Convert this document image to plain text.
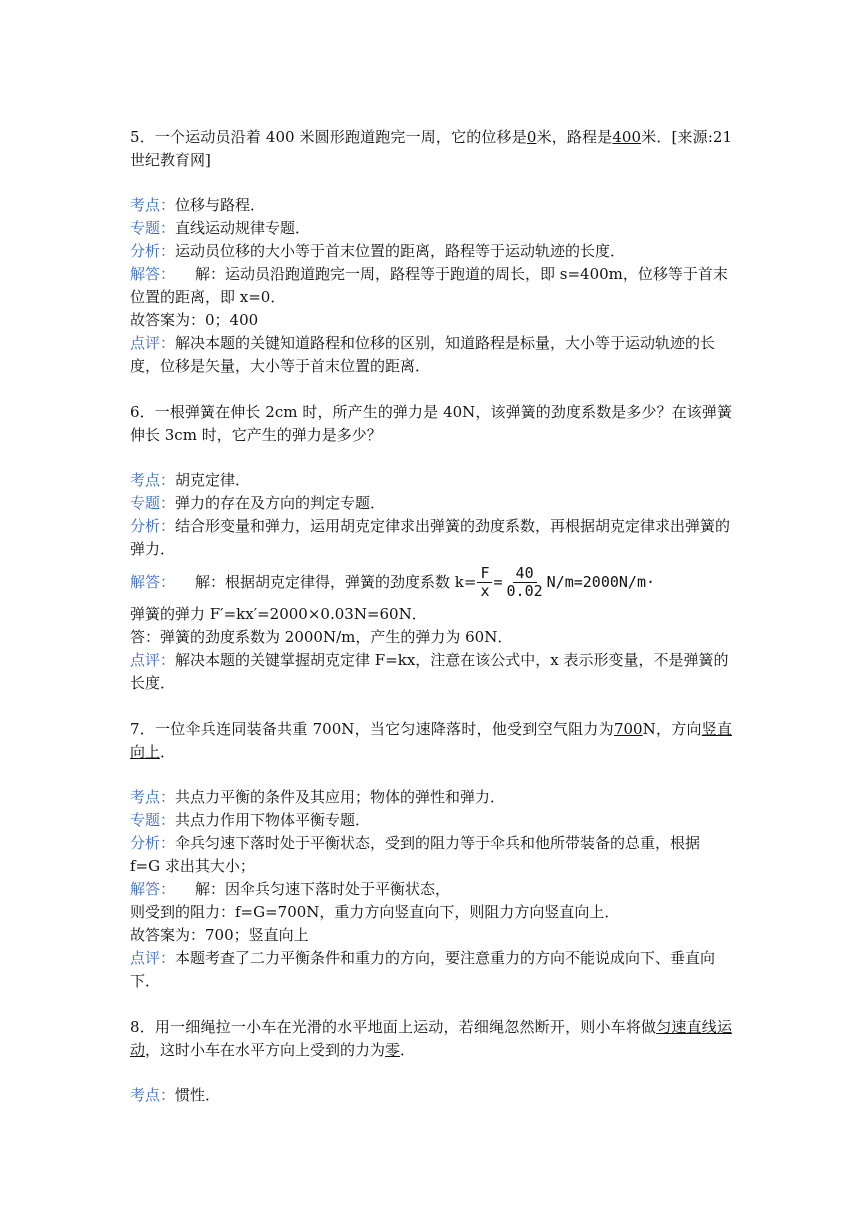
5．一个运动员沿着 400 米圆形跑道跑完一周，它的位移是0米，路程是400米．[来源:21世纪教育网]

考点：位移与路程．

专题：直线运动规律专题．

分析：运动员位移的大小等于首末位置的距离，路程等于运动轨迹的长度．

解答： 解：运动员沿跑道跑完一周，路程等于跑道的周长，即 s=400m，位移等于首末位置的距离，即 x=0．

故答案为：0；400

点评：解决本题的关键知道路程和位移的区别，知道路程是标量，大小等于运动轨迹的长度，位移是矢量，大小等于首末位置的距离．

6．一根弹簧在伸长 2cm 时，所产生的弹力是 40N，该弹簧的劲度系数是多少？在该弹簧伸长 3cm 时，它产生的弹力是多少？

考点：胡克定律．

专题：弹力的存在及方向的判定专题．

分析：结合形变量和弹力，运用胡克定律求出弹簧的劲度系数，再根据胡克定律求出弹簧的弹力．

解答： 解：根据胡克定律得，弹簧的劲度系数 $k= \frac{F}{x} = \frac{40}{0.02} N/m=2000N/m\cdot$

弹簧的弹力 F′=kx′=2000×0.03N=60N．

答：弹簧的劲度系数为 2000N/m，产生的弹力为 60N．

点评：解决本题的关键掌握胡克定律 F=kx，注意在该公式中，x 表示形变量，不是弹簧的长度．

7．一位伞兵连同装备共重 700N，当它匀速降落时，他受到空气阻力为700N，方向竖直向上．

考点：共点力平衡的条件及其应用；物体的弹性和弹力．

专题：共点力作用下物体平衡专题．

分析：伞兵匀速下落时处于平衡状态，受到的阻力等于伞兵和他所带装备的总重，根据 f=G 求出其大小；

解答： 解：因伞兵匀速下落时处于平衡状态，

则受到的阻力：f=G=700N，重力方向竖直向下，则阻力方向竖直向上．

故答案为：700；竖直向上

点评：本题考查了二力平衡条件和重力的方向，要注意重力的方向不能说成向下、垂直向下．

8．用一细绳拉一小车在光滑的水平地面上运动，若细绳忽然断开，则小车将做匀速直线运动，这时小车在水平方向上受到的力为零．

考点：惯性．
